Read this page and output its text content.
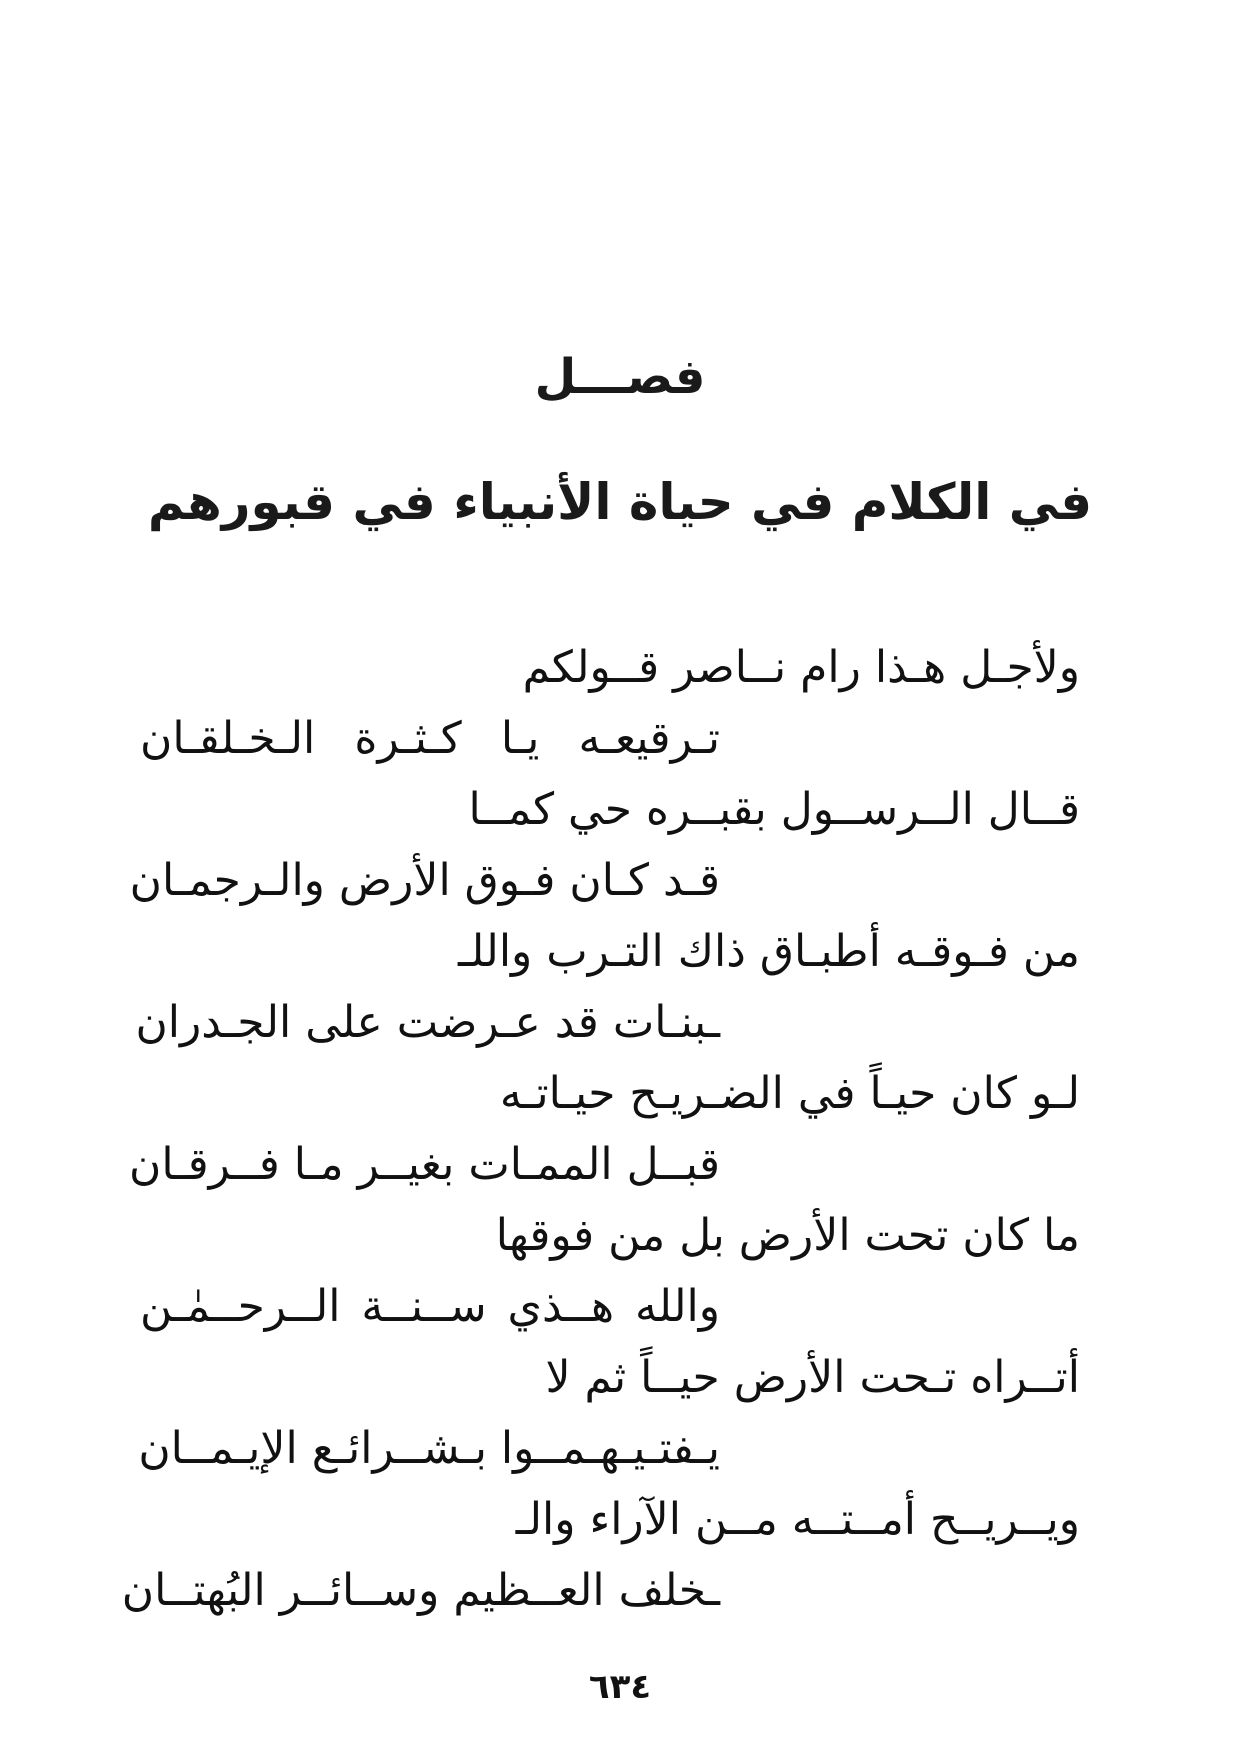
فصـــل
في الكلام في حياة الأنبياء في قبورهم
ولأجـل هـذا رام نــاصر قــولكم
تـرقيعـه يـا كـثـرة الـخـلقـان
قــال الــرســول بقبــره حي كمــا
قـد كـان فـوق الأرض والـرجمـان
من فـوقـه أطبـاق ذاك التـرب واللـ
ـبنـات قد عـرضت على الجـدران
لـو كان حيـاً في الضـريـح حيـاتـه
قبــل الممـات بغيــر مـا فــرقـان
ما كان تحت الأرض بل من فوقها
والله هــذي ســنــة الــرحــمٰـن
أتــراه تـحت الأرض حيــاً ثم لا
يـفتـيـهـمــوا بـشــرائـع الإيـمــان
ويــريــح أمــتــه مــن الآراء والـ
ـخلف العــظيم وســائــر البُهتــان
٦٣٤
